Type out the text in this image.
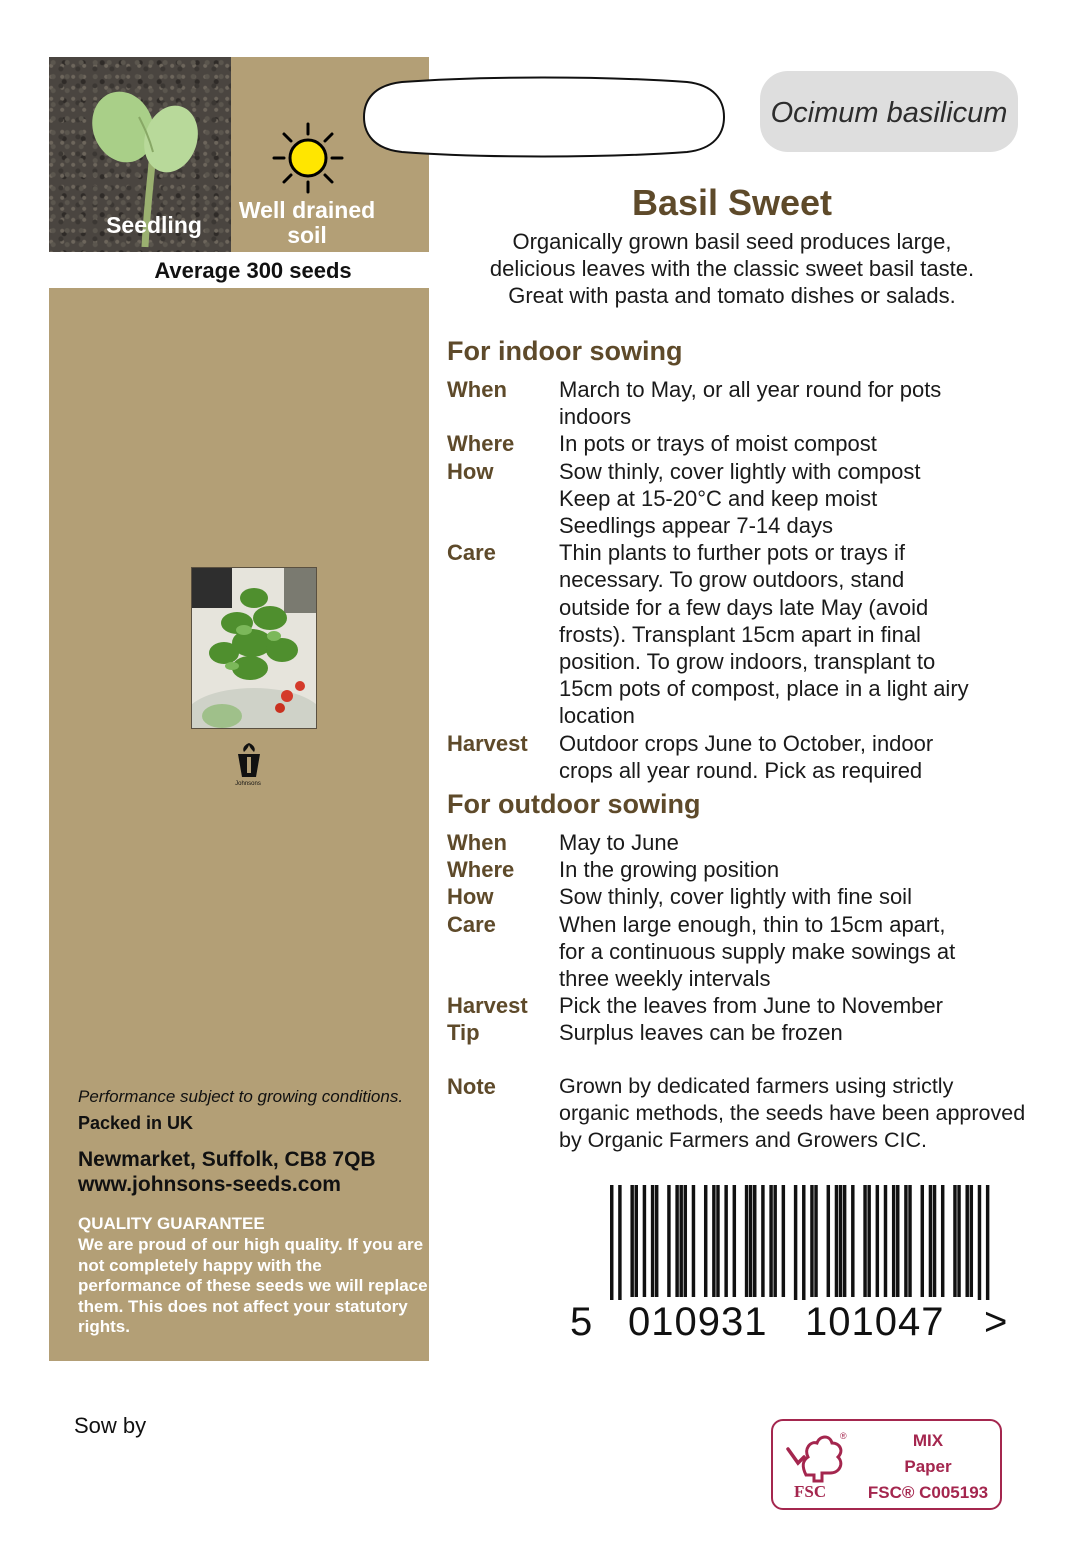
Seedling
Well drained
soil
Average 300 seeds
Johnsons
Performance subject to growing conditions.
Packed in UK
Newmarket, Suffolk, CB8 7QB
www.johnsons-seeds.com
QUALITY GUARANTEE
We are proud of our high quality. If you are not completely happy with the performance of these seeds we will replace them. This does not affect your statutory rights.
Sow by
Ocimum basilicum
Basil Sweet
Organically grown basil seed produces large,
delicious leaves with the classic sweet basil taste.
Great with pasta and tomato dishes or salads.
For indoor sowing
When	March to May, or all year round for pots
indoors
Where	In pots or trays of moist compost
How	Sow thinly, cover lightly with compost
Keep at 15-20°C and keep moist
Seedlings appear 7-14 days
Care	Thin plants to further pots or trays if
necessary. To grow outdoors, stand
outside for a few days late May (avoid
frosts). Transplant 15cm apart in final
position. To grow indoors, transplant to
15cm pots of compost, place in a light airy
location
Harvest	Outdoor crops June to October, indoor
crops all year round. Pick as required
For outdoor sowing
When	May to June
Where	In the growing position
How	Sow thinly, cover lightly with fine soil
Care	When large enough, thin to 15cm apart,
for a continuous supply make sowings at
three weekly intervals
Harvest	Pick the leaves from June to November
Tip	Surplus leaves can be frozen
Note	Grown by dedicated farmers using strictly
organic methods, the seeds have been approved
by Organic Farmers and Growers CIC.
5 010931 101047 >
®
FSC
MIX
Paper
FSC® C005193
